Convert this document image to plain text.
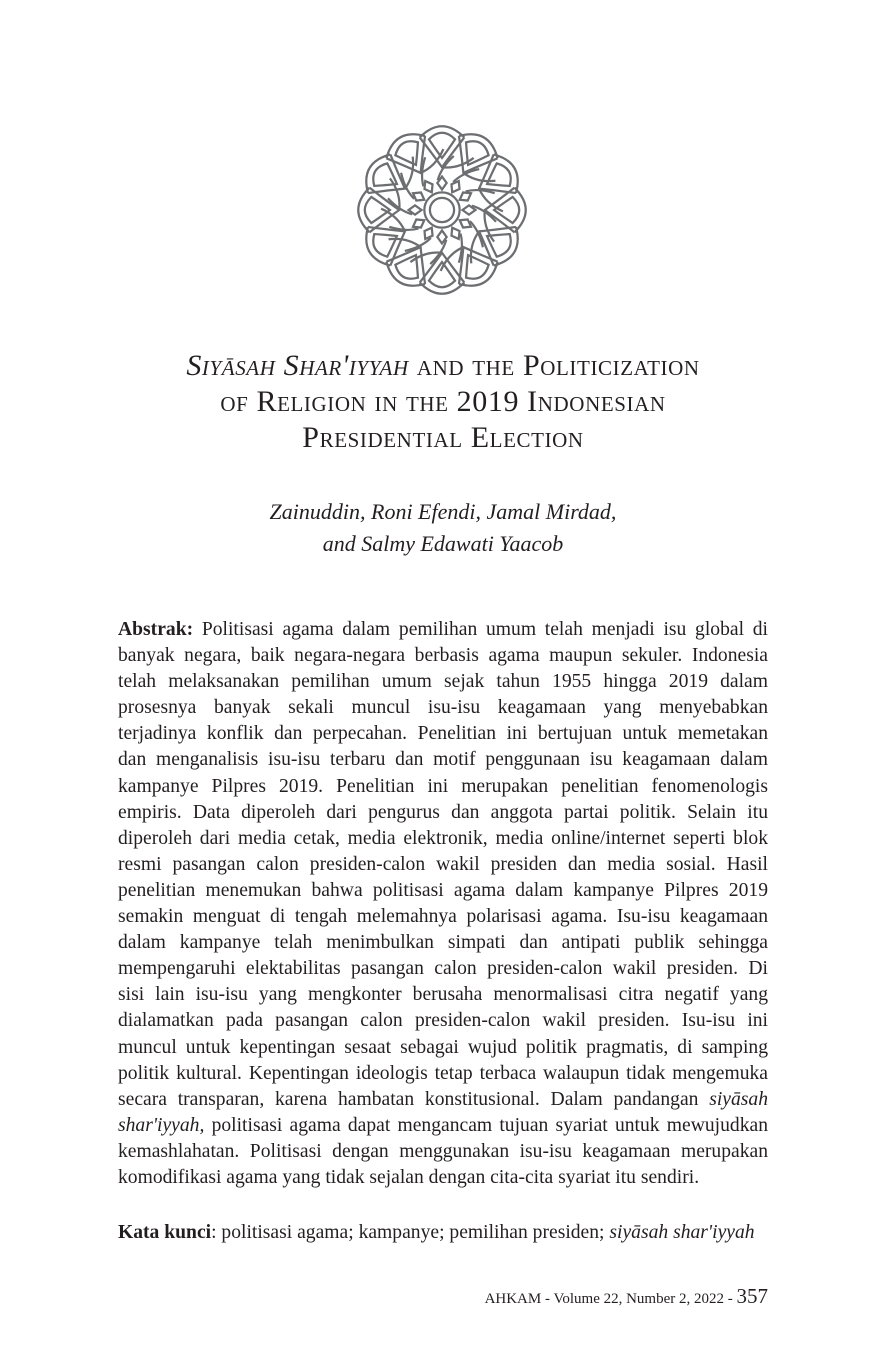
Siyāsah Shar'iyyah and the Politicization
of Religion in the 2019 Indonesian
Presidential Election
Zainuddin, Roni Efendi, Jamal Mirdad,
and Salmy Edawati Yaacob
Abstrak: Politisasi agama dalam pemilihan umum telah menjadi isu global di
banyak negara, baik negara-negara berbasis agama maupun sekuler. Indonesia
telah melaksanakan pemilihan umum sejak tahun 1955 hingga 2019 dalam
prosesnya banyak sekali muncul isu-isu keagamaan yang menyebabkan
terjadinya konflik dan perpecahan. Penelitian ini bertujuan untuk memetakan
dan menganalisis isu-isu terbaru dan motif penggunaan isu keagamaan dalam
kampanye Pilpres 2019. Penelitian ini merupakan penelitian fenomenologis
empiris. Data diperoleh dari pengurus dan anggota partai politik. Selain itu
diperoleh dari media cetak, media elektronik, media online/internet seperti blok
resmi pasangan calon presiden-calon wakil presiden dan media sosial. Hasil
penelitian menemukan bahwa politisasi agama dalam kampanye Pilpres 2019
semakin menguat di tengah melemahnya polarisasi agama. Isu-isu keagamaan
dalam kampanye telah menimbulkan simpati dan antipati publik sehingga
mempengaruhi elektabilitas pasangan calon presiden-calon wakil presiden. Di
sisi lain isu-isu yang mengkonter berusaha menormalisasi citra negatif yang
dialamatkan pada pasangan calon presiden-calon wakil presiden. Isu-isu ini
muncul untuk kepentingan sesaat sebagai wujud politik pragmatis, di samping
politik kultural. Kepentingan ideologis tetap terbaca walaupun tidak mengemuka
secara transparan, karena hambatan konstitusional. Dalam pandangan siyāsah
shar'iyyah, politisasi agama dapat mengancam tujuan syariat untuk mewujudkan
kemashlahatan. Politisasi dengan menggunakan isu-isu keagamaan merupakan
komodifikasi agama yang tidak sejalan dengan cita-cita syariat itu sendiri.
Kata kunci: politisasi agama; kampanye; pemilihan presiden; siyāsah shar'iyyah
AHKAM - Volume 22, Number 2, 2022 - 357
